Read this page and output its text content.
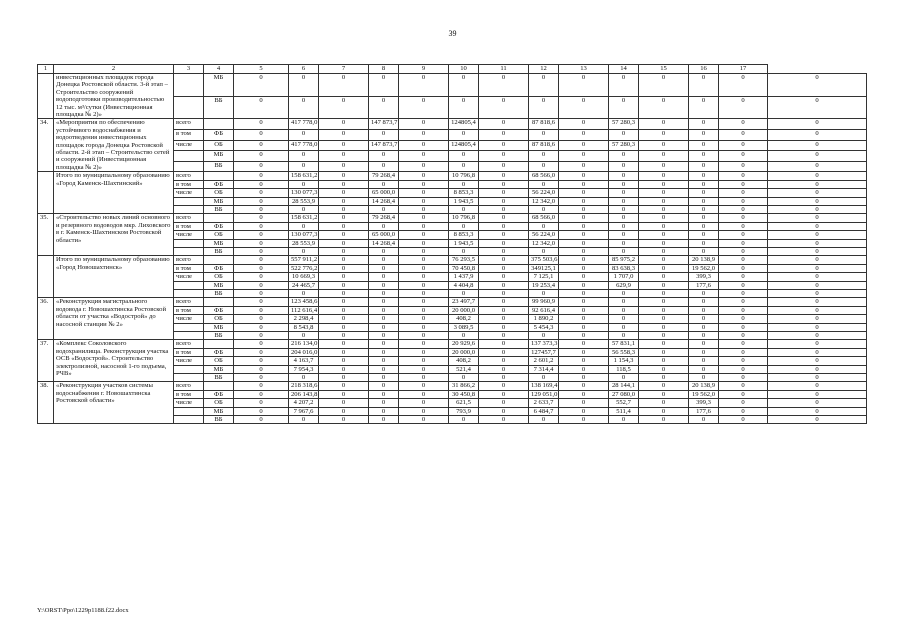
39
1	2	3	4	5	6	7	8	9	10	11	12	13	14	15	16	17	
	инвестиционных площадок города Донецка Ростовской области. 3-й этап – Строительство сооружений водоподготовки производительностью 12 тыс. м³/сутки (Инвестиционная площадка № 2)»		МБ	0	0	0	0	0	0	0	0	0	0	0	0	0	0
			ВБ	0	0	0	0	0	0	0	0	0	0	0	0	0	0
34.	«Мероприятия по обеспечению устойчивого водоснабжения и водоотведения инвестиционных площадок города Донецка Ростовской области. 2-й этап – Строительство сетей и сооружений (Инвестиционная площадка № 2)»	всего		0	417 778,0	0	147 873,7	0	124805,4	0	87 818,6	0	57 280,3	0	0	0	0
		в том	ФБ	0	0	0	0	0	0	0	0	0	0	0	0	0	0
		числе	ОБ	0	417 778,0	0	147 873,7	0	124805,4	0	87 818,6	0	57 280,3	0	0	0	0
			МБ	0	0	0	0	0	0	0	0	0	0	0	0	0	0
			ВБ	0	0	0	0	0	0	0	0	0	0	0	0	0	0
	Итого по муниципальному образованию «Город Каменск-Шахтинский»	всего		0	158 631,2	0	79 268,4	0	10 796,8	0	68 566,0	0	0	0	0	0	0
		в том	ФБ	0	0	0	0	0	0	0	0	0	0	0	0	0	0
		числе	ОБ	0	130 077,3	0	65 000,0	0	8 853,3	0	56 224,0	0	0	0	0	0	0
			МБ	0	28 553,9	0	14 268,4	0	1 943,5	0	12 342,0	0	0	0	0	0	0
			ВБ	0	0	0	0	0	0	0	0	0	0	0	0	0	0
35.	«Строительство новых линий основного и резервного водоводов мкр. Лиховского в г. Каменск-Шахтинском Ростовской области»	всего		0	158 631,2	0	79 268,4	0	10 796,8	0	68 566,0	0	0	0	0	0	0
		в том	ФБ	0	0	0	0	0	0	0	0	0	0	0	0	0	0
		числе	ОБ	0	130 077,3	0	65 000,0	0	8 853,3	0	56 224,0	0	0	0	0	0	0
			МБ	0	28 553,9	0	14 268,4	0	1 943,5	0	12 342,0	0	0	0	0	0	0
			ВБ	0	0	0	0	0	0	0	0	0	0	0	0	0	0
	Итого по муниципальному образованию «Город Новошахтинск»	всего		0	557 911,2	0	0	0	76 293,5	0	375 503,6	0	85 975,2	0	20 138,9	0	0
		в том	ФБ	0	522 776,2	0	0	0	70 450,8	0	349125,1	0	83 638,3	0	19 562,0	0	0
		числе	ОБ	0	10 669,3	0	0	0	1 437,9	0	7 125,1	0	1 707,0	0	399,3	0	0
			МБ	0	24 465,7	0	0	0	4 404,8	0	19 253,4	0	629,9	0	177,6	0	0
			ВБ	0	0	0	0	0	0	0	0	0	0	0	0	0	0
36.	«Реконструкция магистрального водовода г. Новошахтинска Ростовской области от участка «Водострой» до насосной станции № 2»	всего		0	123 458,6	0	0	0	23 497,7	0	99 960,9	0	0	0	0	0	0
		в том	ФБ	0	112 616,4	0	0	0	20 000,0	0	92 616,4	0	0	0	0	0	0
		числе	ОБ	0	2 298,4	0	0	0	408,2	0	1 890,2	0	0	0	0	0	0
			МБ	0	8 543,8	0	0	0	3 089,5	0	5 454,3	0	0	0	0	0	0
			ВБ	0	0	0	0	0	0	0	0	0	0	0	0	0	0
37.	«Комплекс Соколовского водохранилища. Реконструкция участка ОСВ «Водострой». Строительство электролизной, насосной 1-го подъема, РЧВ»	всего		0	216 134,0	0	0	0	20 929,6	0	137 373,3	0	57 831,1	0	0	0	0
		в том	ФБ	0	204 016,0	0	0	0	20 000,0	0	127457,7	0	56 558,3	0	0	0	0
		числе	ОБ	0	4 163,7	0	0	0	408,2	0	2 601,2	0	1 154,3	0	0	0	0
			МБ	0	7 954,3	0	0	0	521,4	0	7 314,4	0	118,5	0	0	0	0
			ВБ	0	0	0	0	0	0	0	0	0	0	0	0	0	0
38.	«Реконструкция участков системы водоснабжения г. Новошахтинска Ростовской области»	всего		0	218 318,6	0	0	0	31 866,2	0	138 169,4	0	28 144,1	0	20 138,9	0	0
		в том	ФБ	0	206 143,8	0	0	0	30 450,8	0	129 051,0	0	27 080,0	0	19 562,0	0	0
		числе	ОБ	0	4 207,2	0	0	0	621,5	0	2 633,7	0	552,7	0	399,3	0	0
			МБ	0	7 967,6	0	0	0	793,9	0	6 484,7	0	511,4	0	177,6	0	0
			ВБ	0	0	0	0	0	0	0	0	0	0	0	0	0	0
Y:\ORST\Ppo\1229p1188.f22.docx
